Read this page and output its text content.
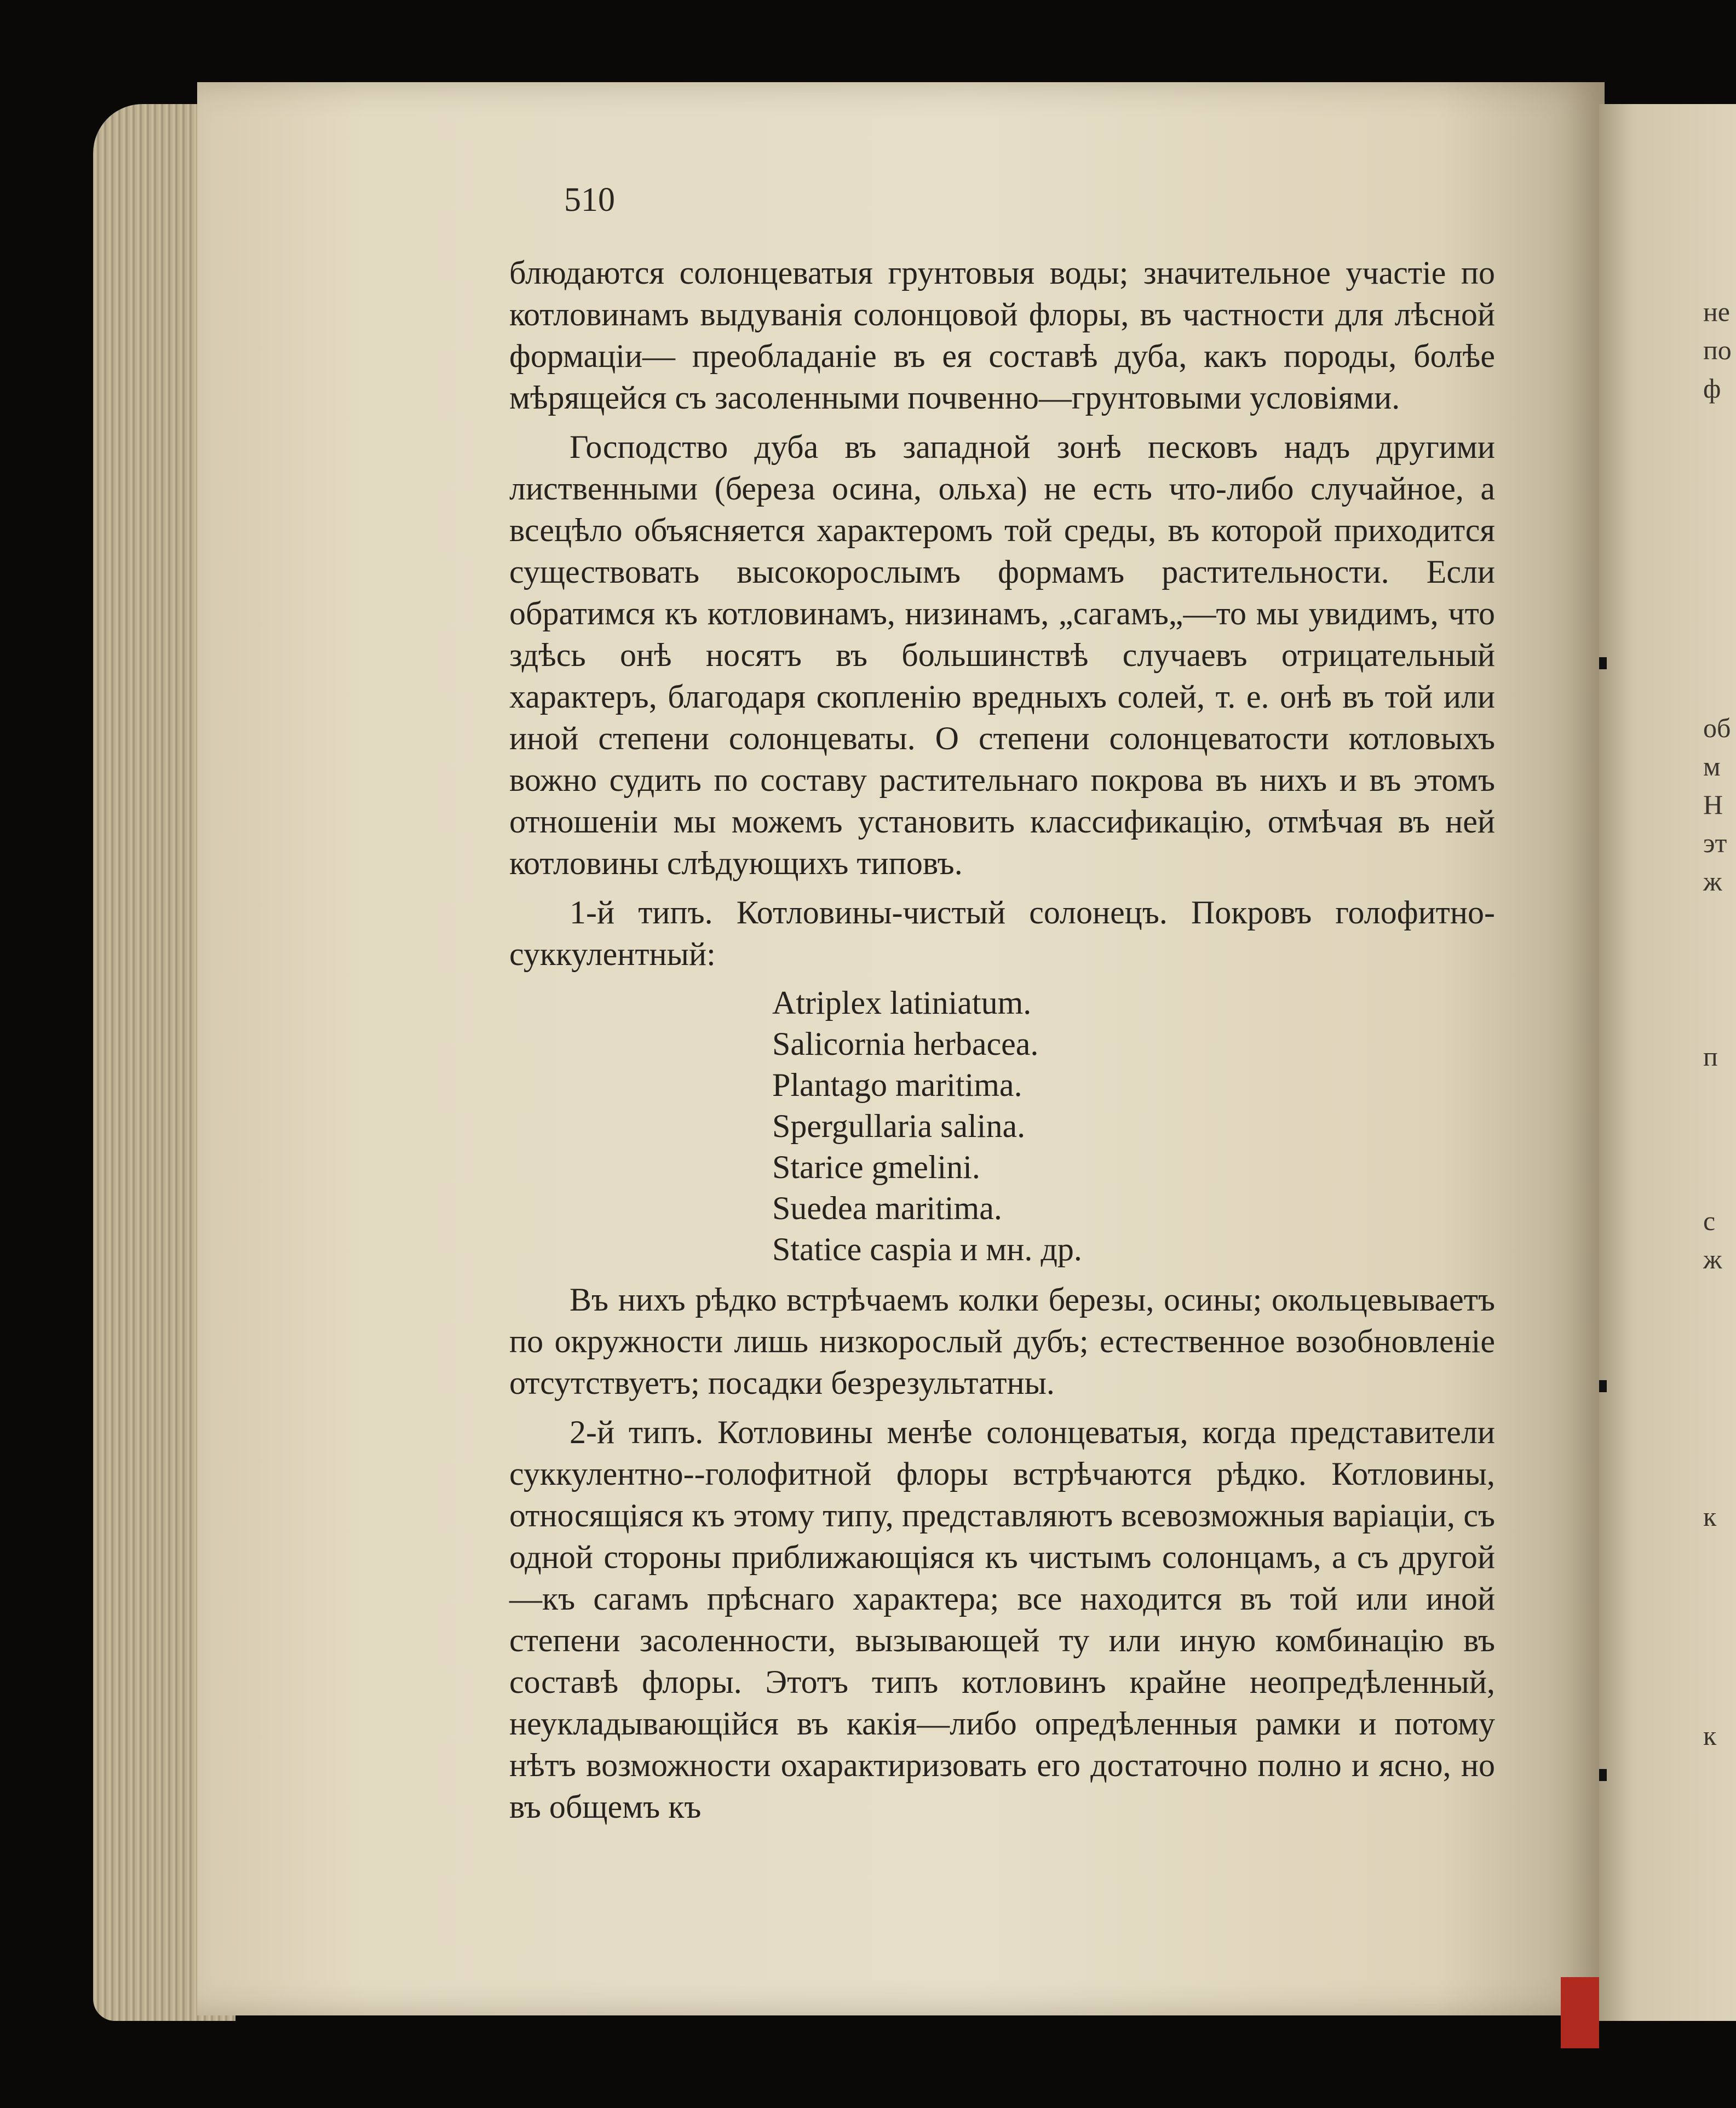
510

блюдаются солонцеватыя грунтовыя воды; значительное участіе по котловинамъ выдуванія солонцовой флоры, въ частности для лѣсной формаціи— преобладаніе въ ея составѣ дуба, какъ породы, болѣе мѣрящейся съ засоленными почвенно—грунтовыми условіями.

Господство дуба въ западной зонѣ песковъ надъ другими лиственными (береза осина, ольха) не есть что-либо случайное, а всецѣло объясняется характеромъ той среды, въ которой приходится существовать высокорослымъ формамъ растительности. Если обратимся къ котловинамъ, низинамъ, „сагамъ„—то мы увидимъ, что здѣсь онѣ носятъ въ большинствѣ случаевъ отрицательный характеръ, благодаря скопленію вредныхъ солей, т. е. онѣ въ той или иной степени солонцеваты. О степени солонцеватости котловыхъ вожно судить по составу растительнаго покрова въ нихъ и въ этомъ отношеніи мы можемъ установить классификацію, отмѣчая въ ней котловины слѣдующихъ типовъ.

1-й типъ. Котловины-чистый солонецъ. Покровъ голофитно-суккулентный:

Atriplex latiniatum.
Salicornia herbacea.
Plantago maritima.
Spergullaria salina.
Starice gmelini.
Suedea maritima.
Statice caspia и мн. др.

Въ нихъ рѣдко встрѣчаемъ колки березы, осины; окольцевываетъ по окружности лишь низкорослый дубъ; естественное возобновленіе отсутствуетъ; посадки безрезультатны.

2-й типъ. Котловины менѣе солонцеватыя, когда представители суккулентно--голофитной флоры встрѣчаются рѣдко. Котловины, относящіяся къ этому типу, представляютъ всевозможныя варіаціи, съ одной стороны приближающіяся къ чистымъ солонцамъ, а съ другой—къ сагамъ прѣснаго характера; все находится въ той или иной степени засоленности, вызывающей ту или иную комбинацію въ составѣ флоры. Этотъ типъ котловинъ крайне неопредѣленный, неукладывающійся въ какія—либо опредѣленныя рамки и потому нѣтъ возможности охарактиризовать его достаточно полно и ясно, но въ общемъ къ

не
по
ф
об
м
Н
эт
ж
п
с
ж
к
к
